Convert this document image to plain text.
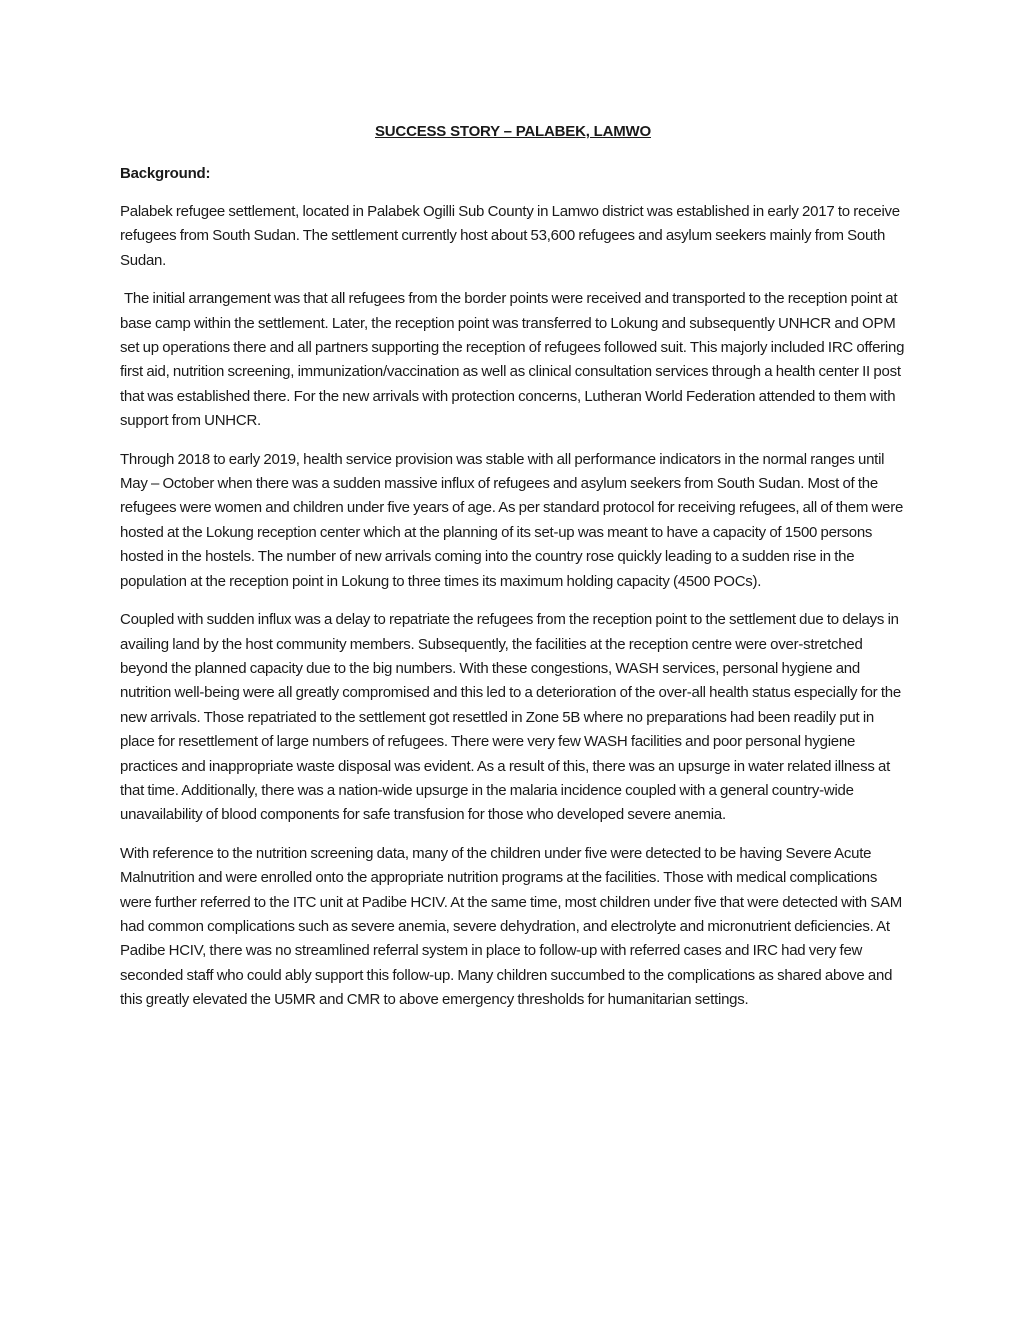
SUCCESS STORY – PALABEK, LAMWO
Background:

Palabek refugee settlement, located in Palabek Ogilli Sub County in Lamwo district was established in early 2017 to receive refugees from South Sudan. The settlement currently host about 53,600 refugees and asylum seekers mainly from South Sudan.

The initial arrangement was that all refugees from the border points were received and transported to the reception point at base camp within the settlement. Later, the reception point was transferred to Lokung and subsequently UNHCR and OPM set up operations there and all partners supporting the reception of refugees followed suit. This majorly included IRC offering first aid, nutrition screening, immunization/vaccination as well as clinical consultation services through a health center II post that was established there. For the new arrivals with protection concerns, Lutheran World Federation attended to them with support from UNHCR.

Through 2018 to early 2019, health service provision was stable with all performance indicators in the normal ranges until May – October when there was a sudden massive influx of refugees and asylum seekers from South Sudan. Most of the refugees were women and children under five years of age. As per standard protocol for receiving refugees, all of them were hosted at the Lokung reception center which at the planning of its set-up was meant to have a capacity of 1500 persons hosted in the hostels. The number of new arrivals coming into the country rose quickly leading to a sudden rise in the population at the reception point in Lokung to three times its maximum holding capacity (4500 POCs).

Coupled with sudden influx was a delay to repatriate the refugees from the reception point to the settlement due to delays in availing land by the host community members. Subsequently, the facilities at the reception centre were over-stretched beyond the planned capacity due to the big numbers. With these congestions, WASH services, personal hygiene and nutrition well-being were all greatly compromised and this led to a deterioration of the over-all health status especially for the new arrivals. Those repatriated to the settlement got resettled in Zone 5B where no preparations had been readily put in place for resettlement of large numbers of refugees. There were very few WASH facilities and poor personal hygiene practices and inappropriate waste disposal was evident. As a result of this, there was an upsurge in water related illness at that time. Additionally, there was a nation-wide upsurge in the malaria incidence coupled with a general country-wide unavailability of blood components for safe transfusion for those who developed severe anemia.

With reference to the nutrition screening data, many of the children under five were detected to be having Severe Acute Malnutrition and were enrolled onto the appropriate nutrition programs at the facilities. Those with medical complications were further referred to the ITC unit at Padibe HCIV. At the same time, most children under five that were detected with SAM had common complications such as severe anemia, severe dehydration, and electrolyte and micronutrient deficiencies. At Padibe HCIV, there was no streamlined referral system in place to follow-up with referred cases and IRC had very few seconded staff who could ably support this follow-up. Many children succumbed to the complications as shared above and this greatly elevated the U5MR and CMR to above emergency thresholds for humanitarian settings.
